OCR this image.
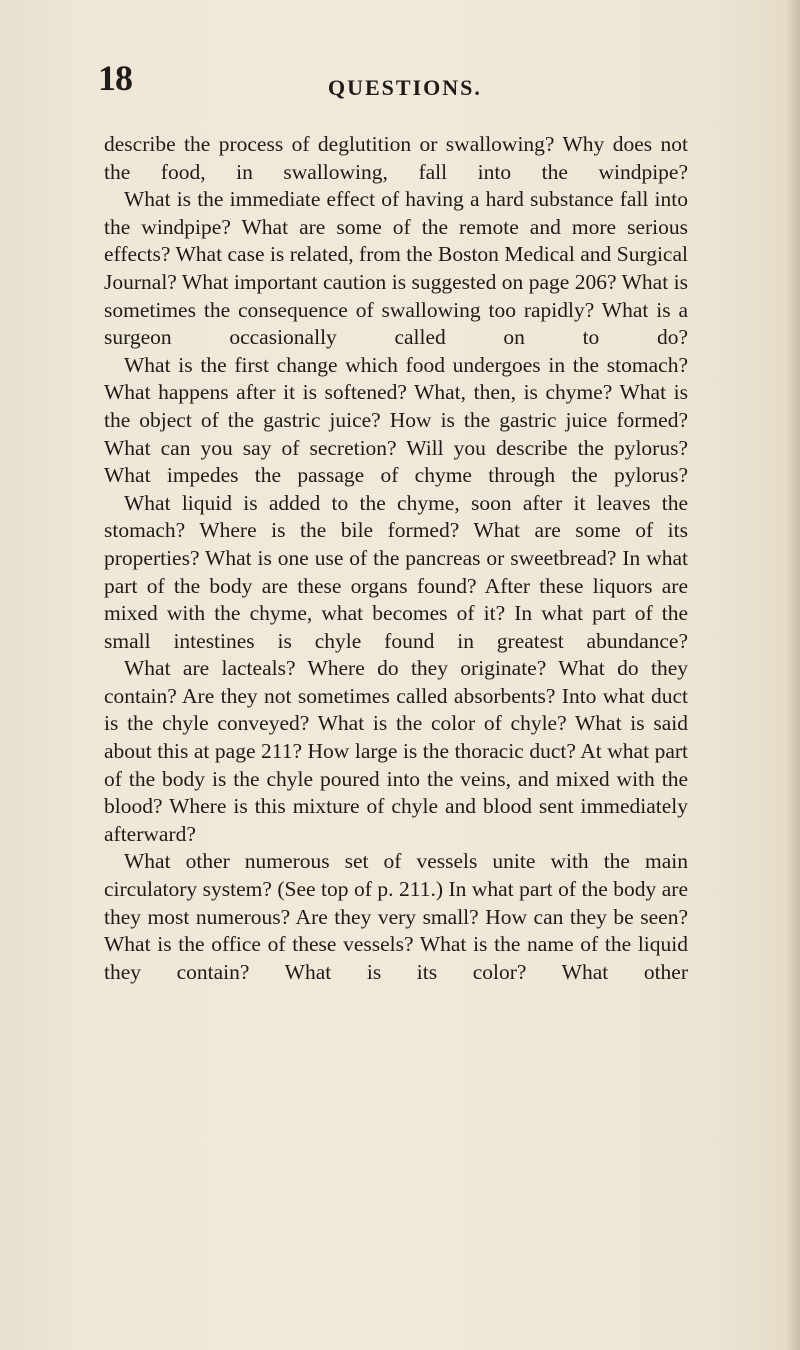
18	QUESTIONS.

describe the process of deglutition or swallowing? Why does not the food, in swallowing, fall into the windpipe?

What is the immediate effect of having a hard substance fall into the windpipe? What are some of the remote and more serious effects? What case is related, from the Boston Medical and Surgical Journal? What important caution is suggested on page 206? What is sometimes the consequence of swallowing too rapidly? What is a surgeon occasionally called on to do?

What is the first change which food undergoes in the stomach? What happens after it is softened? What, then, is chyme? What is the object of the gastric juice? How is the gastric juice formed? What can you say of secretion? Will you describe the pylorus? What impedes the passage of chyme through the pylorus?

What liquid is added to the chyme, soon after it leaves the stomach? Where is the bile formed? What are some of its properties? What is one use of the pancreas or sweetbread? In what part of the body are these organs found? After these liquors are mixed with the chyme, what becomes of it? In what part of the small intestines is chyle found in greatest abundance?

What are lacteals? Where do they originate? What do they contain? Are they not sometimes called absorbents? Into what duct is the chyle conveyed? What is the color of chyle? What is said about this at page 211? How large is the thoracic duct? At what part of the body is the chyle poured into the veins, and mixed with the blood? Where is this mixture of chyle and blood sent immediately afterward?

What other numerous set of vessels unite with the main circulatory system? (See top of p. 211.) In what part of the body are they most numerous? Are they very small? How can they be seen? What is the office of these vessels? What is the name of the liquid they contain? What is its color? What other
